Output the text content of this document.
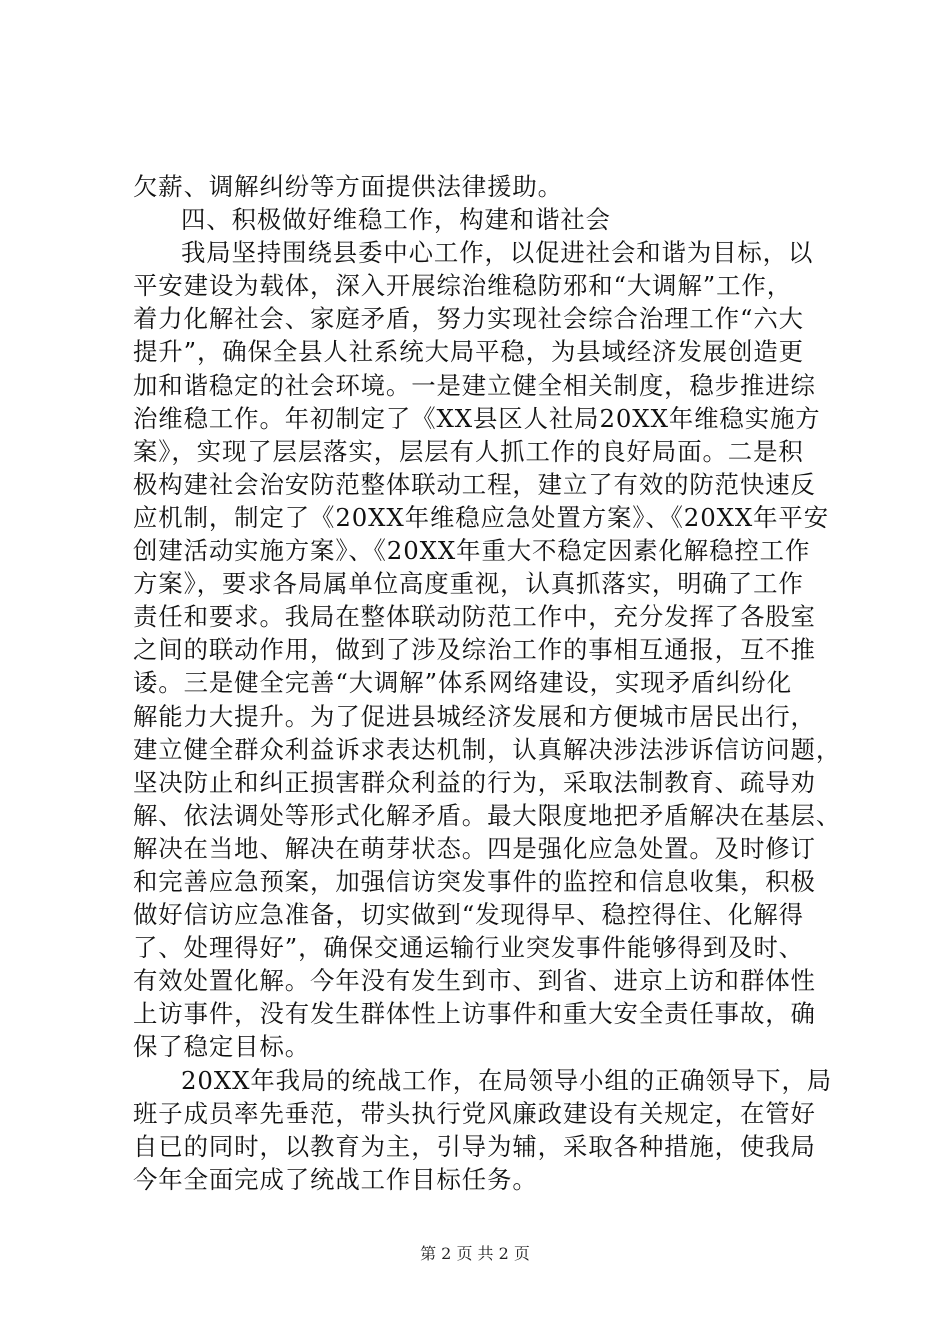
欠薪、调解纠纷等方面提供法律援助。
四、积极做好维稳工作，构建和谐社会
我局坚持围绕县委中心工作，以促进社会和谐为目标，以
平安建设为载体，深入开展综治维稳防邪和“大调解”工作，
着力化解社会、家庭矛盾，努力实现社会综合治理工作“六大
提升”，确保全县人社系统大局平稳，为县域经济发展创造更
加和谐稳定的社会环境。一是建立健全相关制度，稳步推进综
治维稳工作。年初制定了《XX县区人社局20XX年维稳实施方
案》，实现了层层落实，层层有人抓工作的良好局面。二是积
极构建社会治安防范整体联动工程，建立了有效的防范快速反
应机制，制定了《20XX年维稳应急处置方案》、《20XX年平安
创建活动实施方案》、《20XX年重大不稳定因素化解稳控工作
方案》，要求各局属单位高度重视，认真抓落实，明确了工作
责任和要求。我局在整体联动防范工作中，充分发挥了各股室
之间的联动作用，做到了涉及综治工作的事相互通报，互不推
诿。三是健全完善“大调解”体系网络建设，实现矛盾纠纷化
解能力大提升。为了促进县城经济发展和方便城市居民出行，
建立健全群众利益诉求表达机制，认真解决涉法涉诉信访问题，
坚决防止和纠正损害群众利益的行为，采取法制教育、疏导劝
解、依法调处等形式化解矛盾。最大限度地把矛盾解决在基层、
解决在当地、解决在萌芽状态。四是强化应急处置。及时修订
和完善应急预案，加强信访突发事件的监控和信息收集，积极
做好信访应急准备，切实做到“发现得早、稳控得住、化解得
了、处理得好”，确保交通运输行业突发事件能够得到及时、
有效处置化解。今年没有发生到市、到省、进京上访和群体性
上访事件，没有发生群体性上访事件和重大安全责任事故，确
保了稳定目标。
20XX年我局的统战工作，在局领导小组的正确领导下，局
班子成员率先垂范，带头执行党风廉政建设有关规定，在管好
自已的同时，以教育为主，引导为辅，采取各种措施，使我局
今年全面完成了统战工作目标任务。
第 2 页 共 2 页
